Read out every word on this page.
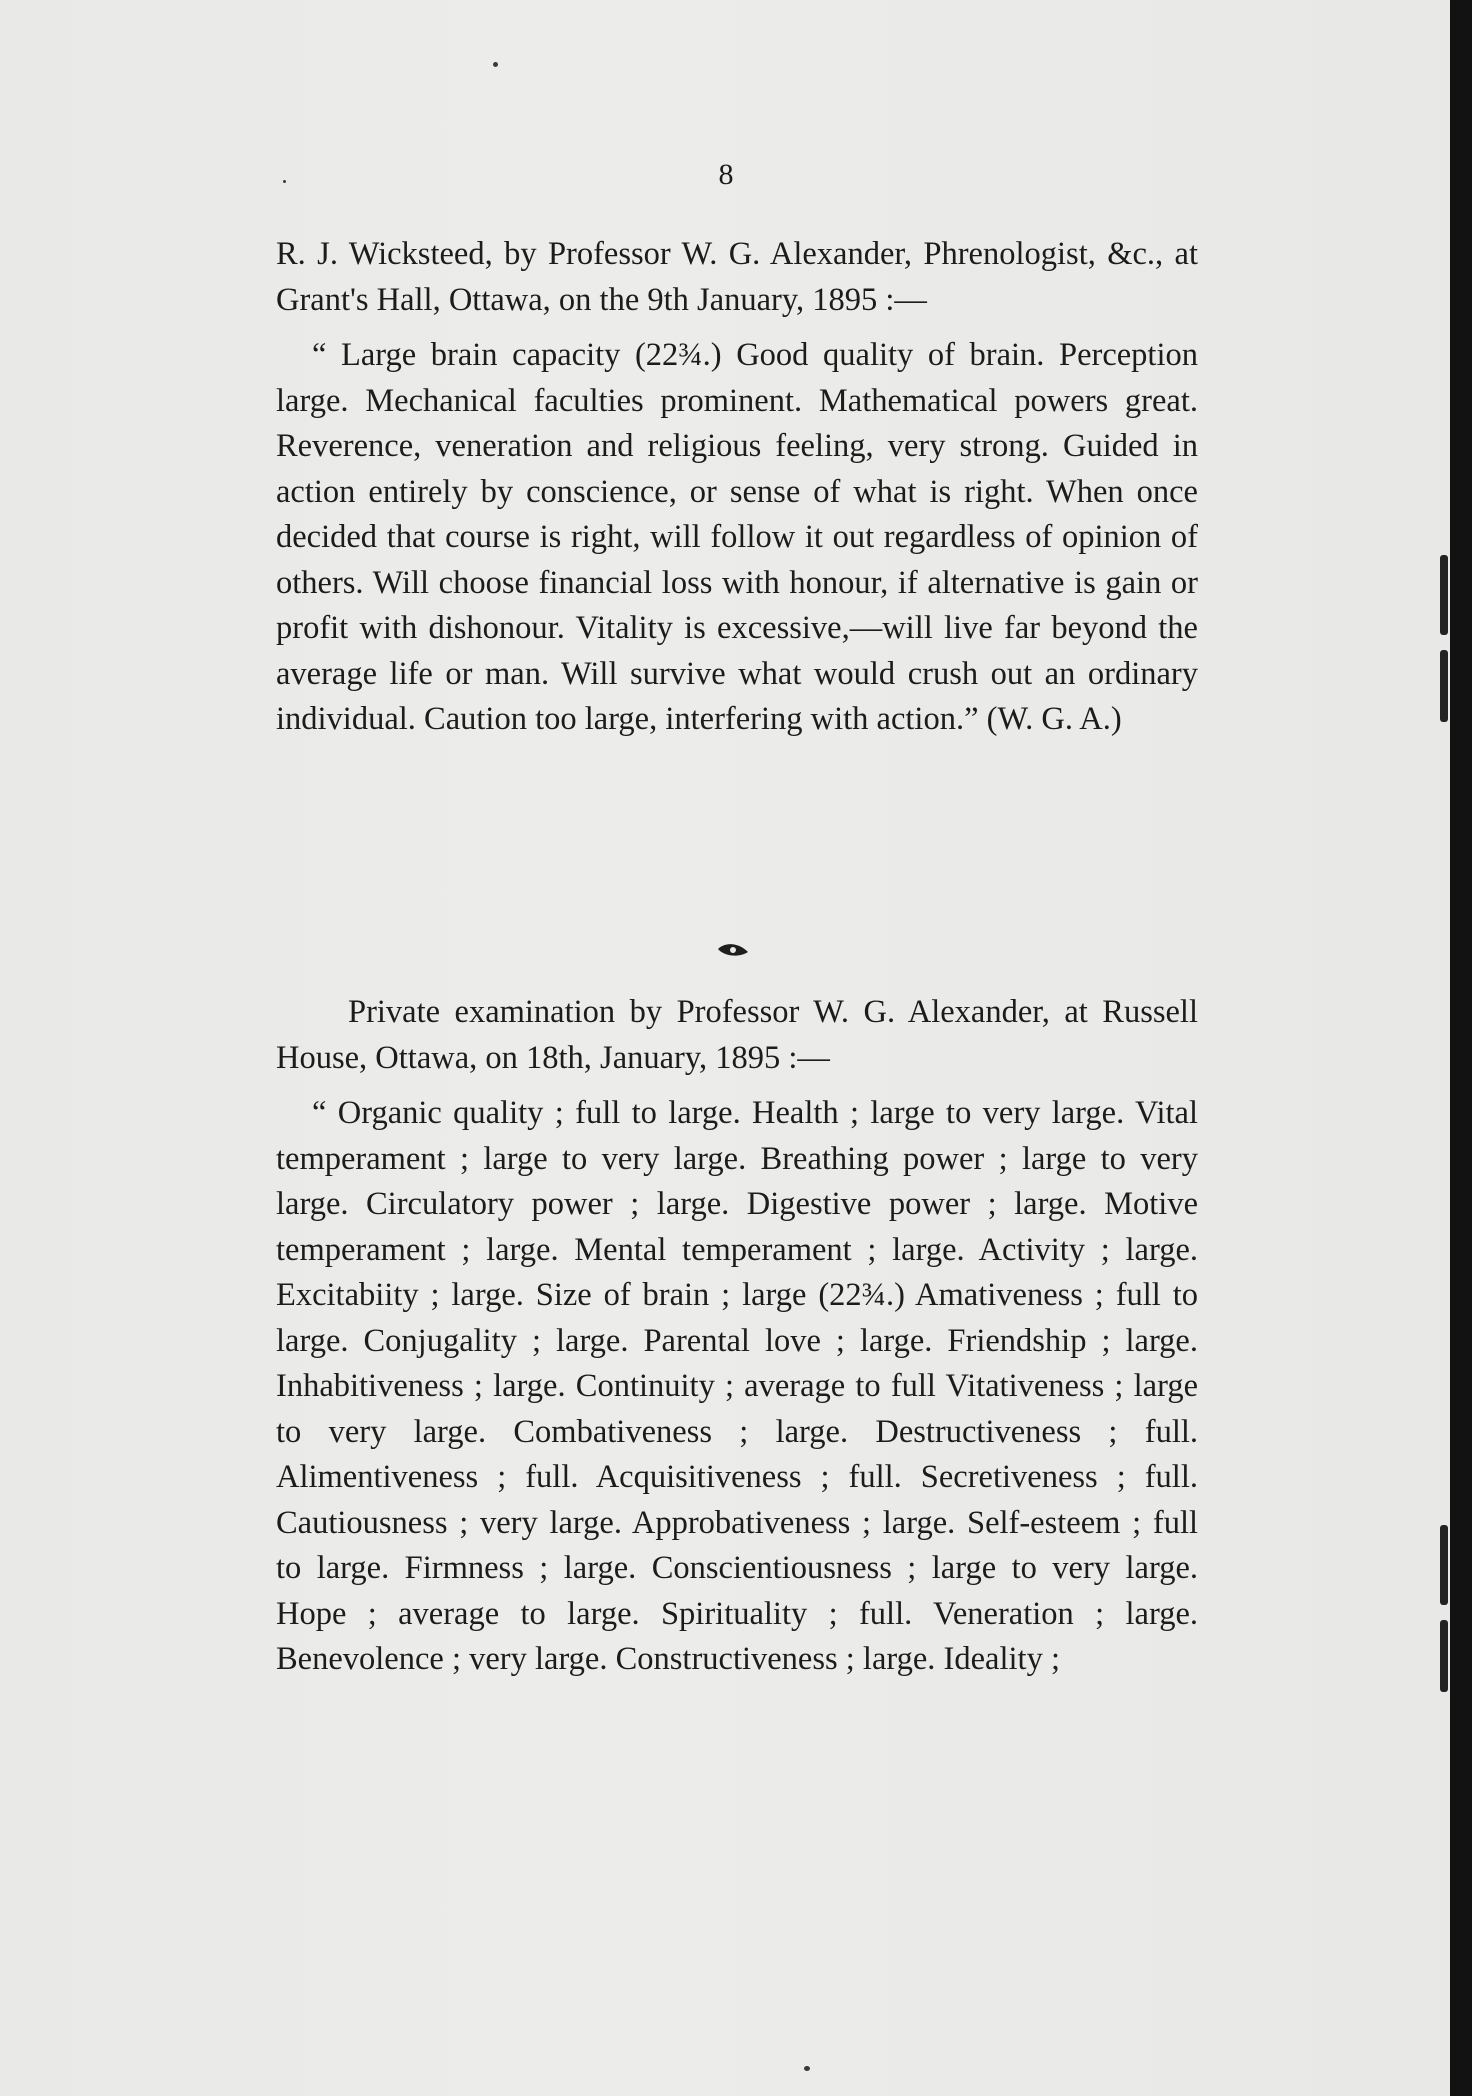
8

R. J. Wicksteed, by Professor W. G. Alexander, Phrenologist, &c., at Grant's Hall, Ottawa, on the 9th January, 1895 :—

“ Large brain capacity (22¾.) Good quality of brain. Perception large. Mechanical faculties prominent. Mathematical powers great. Reverence, veneration and religious feeling, very strong. Guided in action entirely by conscience, or sense of what is right. When once decided that course is right, will follow it out regardless of opinion of others. Will choose financial loss with honour, if alternative is gain or profit with dishonour. Vitality is excessive,—will live far beyond the average life or man. Will survive what would crush out an ordinary individual. Caution too large, interfering with action.” (W. G. A.)

Private examination by Professor W. G. Alexander, at Russell House, Ottawa, on 18th, January, 1895 :—

“ Organic quality ; full to large. Health ; large to very large. Vital temperament ; large to very large. Breathing power ; large to very large. Circulatory power ; large. Digestive power ; large. Motive temperament ; large. Mental temperament ; large. Activity ; large. Excitabiity ; large. Size of brain ; large (22¾.) Amativeness ; full to large. Conjugality ; large. Parental love ; large. Friendship ; large. Inhabitiveness ; large. Continuity ; average to full Vitativeness ; large to very large. Combativeness ; large. Destructiveness ; full. Alimentiveness ; full. Acquisitiveness ; full. Secretiveness ; full. Cautiousness ; very large. Approbativeness ; large. Self-esteem ; full to large. Firmness ; large. Conscientiousness ; large to very large. Hope ; average to large. Spirituality ; full. Veneration ; large. Benevolence ; very large. Constructiveness ; large. Ideality ;
